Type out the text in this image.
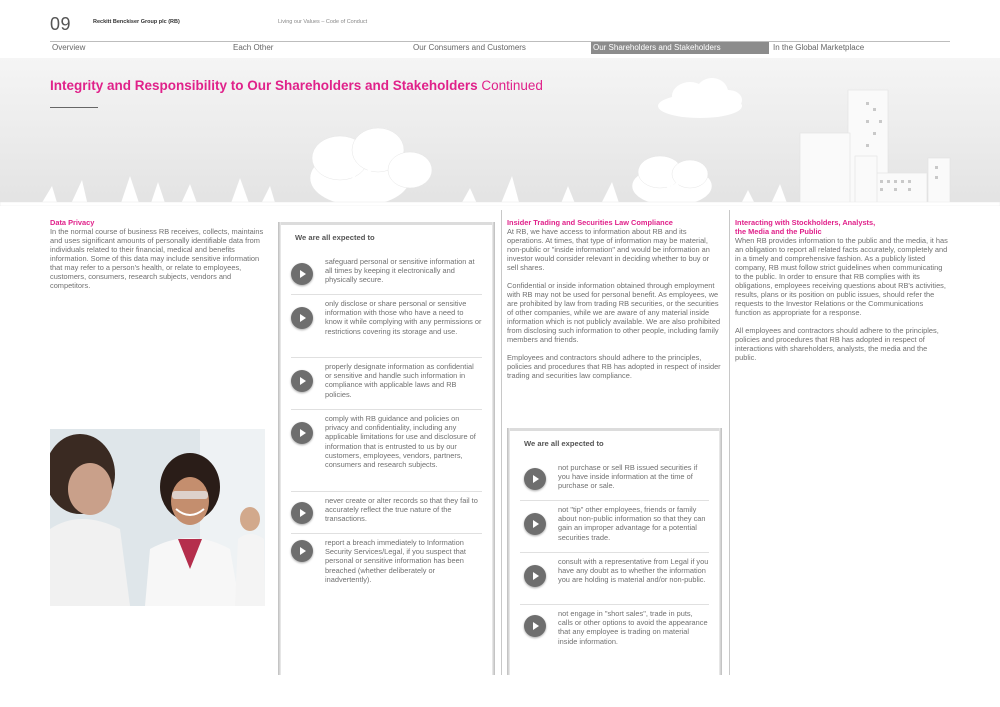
09	Reckitt Benckiser Group plc (RB)	Living our Values – Code of Conduct
Overview	Each Other	Our Consumers and Customers	Our Shareholders and Stakeholders	In the Global Marketplace
Integrity and Responsibility to Our Shareholders and Stakeholders Continued
Data Privacy
In the normal course of business RB receives, collects, maintains and uses significant amounts of personally identifiable data from individuals related to their financial, medical and benefits information. Some of this data may include sensitive information that may refer to a person's health, or relate to employees, customers, consumers, research subjects, vendors and competitors.
We are all expected to
safeguard personal or sensitive information at all times by keeping it electronically and physically secure.
only disclose or share personal or sensitive information with those who have a need to know it while complying with any permissions or restrictions covering its storage and use.
properly designate information as confidential or sensitive and handle such information in compliance with applicable laws and RB policies.
comply with RB guidance and policies on privacy and confidentiality, including any applicable limitations for use and disclosure of information that is entrusted to us by our customers, employees, vendors, partners, consumers and research subjects.
never create or alter records so that they fail to accurately reflect the true nature of the transactions.
report a breach immediately to Information Security Services/Legal, if you suspect that personal or sensitive information has been breached (whether deliberately or inadvertently).
Insider Trading and Securities Law Compliance
At RB, we have access to information about RB and its operations. At times, that type of information may be material, non-public or "inside information" and would be information an investor would consider relevant in deciding whether to buy or sell shares.
Confidential or inside information obtained through employment with RB may not be used for personal benefit. As employees, we are prohibited by law from trading RB securities, or the securities of other companies, while we are aware of any material inside information which is not publicly available. We are also prohibited from disclosing such information to other people, including family members and friends.
Employees and contractors should adhere to the principles, policies and procedures that RB has adopted in respect of insider trading and securities law compliance.
We are all expected to
not purchase or sell RB issued securities if you have inside information at the time of purchase or sale.
not "tip" other employees, friends or family about non-public information so that they can gain an improper advantage for a potential securities trade.
consult with a representative from Legal if you have any doubt as to whether the information you are holding is material and/or non-public.
not engage in "short sales", trade in puts, calls or other options to avoid the appearance that any employee is trading on material inside information.
Interacting with Stockholders, Analysts,
the Media and the Public
When RB provides information to the public and the media, it has an obligation to report all related facts accurately, completely and in a timely and comprehensive fashion. As a publicly listed company, RB must follow strict guidelines when communicating to the public. In order to ensure that RB complies with its obligations, employees receiving questions about RB's activities, results, plans or its position on public issues, should refer the requests to the Investor Relations or the Communications function as appropriate for a response.
All employees and contractors should adhere to the principles, policies and procedures that RB has adopted in respect of interactions with shareholders, analysts, the media and the public.
